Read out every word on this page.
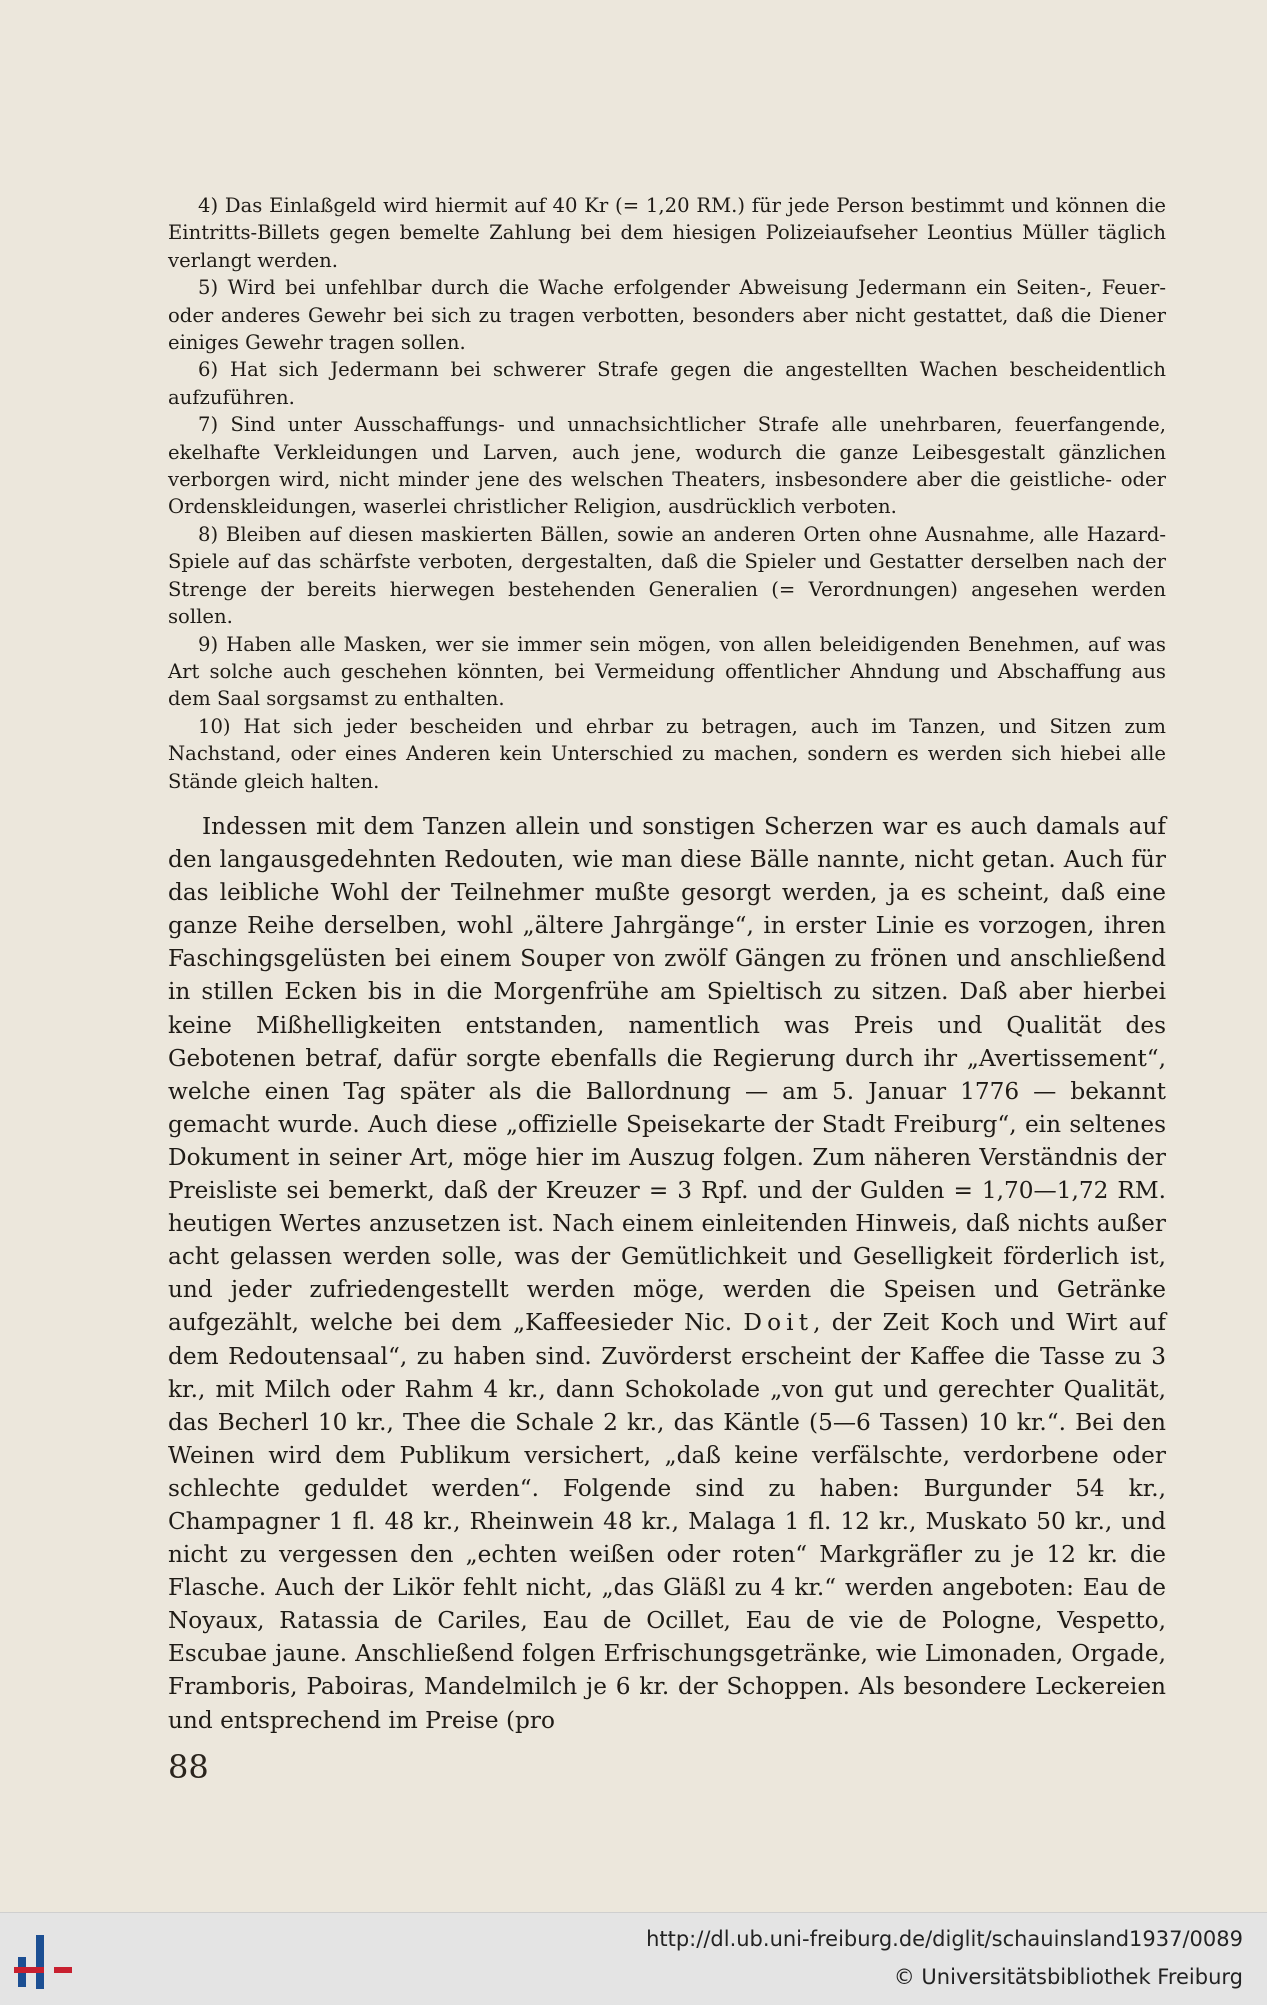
4) Das Einlaßgeld wird hiermit auf 40 Kr (= 1,20 RM.) für jede Person bestimmt und können die Eintritts-Billets gegen bemelte Zahlung bei dem hiesigen Polizeiaufseher Leontius Müller täglich verlangt werden.

5) Wird bei unfehlbar durch die Wache erfolgender Abweisung Jedermann ein Seiten-, Feuer- oder anderes Gewehr bei sich zu tragen verbotten, besonders aber nicht gestattet, daß die Diener einiges Gewehr tragen sollen.

6) Hat sich Jedermann bei schwerer Strafe gegen die angestellten Wachen bescheidentlich aufzuführen.

7) Sind unter Ausschaffungs- und unnachsichtlicher Strafe alle unehrbaren, feuerfangende, ekelhafte Verkleidungen und Larven, auch jene, wodurch die ganze Leibesgestalt gänzlichen verborgen wird, nicht minder jene des welschen Theaters, insbesondere aber die geistliche- oder Ordenskleidungen, waserlei christlicher Religion, ausdrücklich verboten.

8) Bleiben auf diesen maskierten Bällen, sowie an anderen Orten ohne Ausnahme, alle Hazard-Spiele auf das schärfste verboten, dergestalten, daß die Spieler und Gestatter derselben nach der Strenge der bereits hierwegen bestehenden Generalien (= Verordnungen) angesehen werden sollen.

9) Haben alle Masken, wer sie immer sein mögen, von allen beleidigenden Benehmen, auf was Art solche auch geschehen könnten, bei Vermeidung offentlicher Ahndung und Abschaffung aus dem Saal sorgsamst zu enthalten.

10) Hat sich jeder bescheiden und ehrbar zu betragen, auch im Tanzen, und Sitzen zum Nachstand, oder eines Anderen kein Unterschied zu machen, sondern es werden sich hiebei alle Stände gleich halten.

Indessen mit dem Tanzen allein und sonstigen Scherzen war es auch damals auf den langausgedehnten Redouten, wie man diese Bälle nannte, nicht getan. Auch für das leibliche Wohl der Teilnehmer mußte gesorgt werden, ja es scheint, daß eine ganze Reihe derselben, wohl „ältere Jahrgänge“, in erster Linie es vorzogen, ihren Faschingsgelüsten bei einem Souper von zwölf Gängen zu frönen und anschließend in stillen Ecken bis in die Morgenfrühe am Spieltisch zu sitzen. Daß aber hierbei keine Mißhelligkeiten entstanden, namentlich was Preis und Qualität des Gebotenen betraf, dafür sorgte ebenfalls die Regierung durch ihr „Avertissement“, welche einen Tag später als die Ballordnung — am 5. Januar 1776 — bekannt gemacht wurde. Auch diese „offizielle Speisekarte der Stadt Freiburg“, ein seltenes Dokument in seiner Art, möge hier im Auszug folgen. Zum näheren Verständnis der Preisliste sei bemerkt, daß der Kreuzer = 3 Rpf. und der Gulden = 1,70—1,72 RM. heutigen Wertes anzusetzen ist. Nach einem einleitenden Hinweis, daß nichts außer acht gelassen werden solle, was der Gemütlichkeit und Geselligkeit förderlich ist, und jeder zufriedengestellt werden möge, werden die Speisen und Getränke aufgezählt, welche bei dem „Kaffeesieder Nic. Doit, der Zeit Koch und Wirt auf dem Redoutensaal“, zu haben sind. Zuvörderst erscheint der Kaffee die Tasse zu 3 kr., mit Milch oder Rahm 4 kr., dann Schokolade „von gut und gerechter Qualität, das Becherl 10 kr., Thee die Schale 2 kr., das Käntle (5—6 Tassen) 10 kr.“. Bei den Weinen wird dem Publikum versichert, „daß keine verfälschte, verdorbene oder schlechte geduldet werden“. Folgende sind zu haben: Burgunder 54 kr., Champagner 1 fl. 48 kr., Rheinwein 48 kr., Malaga 1 fl. 12 kr., Muskato 50 kr., und nicht zu vergessen den „echten weißen oder roten“ Markgräfler zu je 12 kr. die Flasche. Auch der Likör fehlt nicht, „das Gläßl zu 4 kr.“ werden angeboten: Eau de Noyaux, Ratassia de Cariles, Eau de Ocillet, Eau de vie de Pologne, Vespetto, Escubae jaune. Anschließend folgen Erfrischungsgetränke, wie Limonaden, Orgade, Framboris, Paboiras, Mandelmilch je 6 kr. der Schoppen. Als besondere Leckereien und entsprechend im Preise (pro

88
http://dl.ub.uni-freiburg.de/diglit/schauinsland1937/0089
© Universitätsbibliothek Freiburg
